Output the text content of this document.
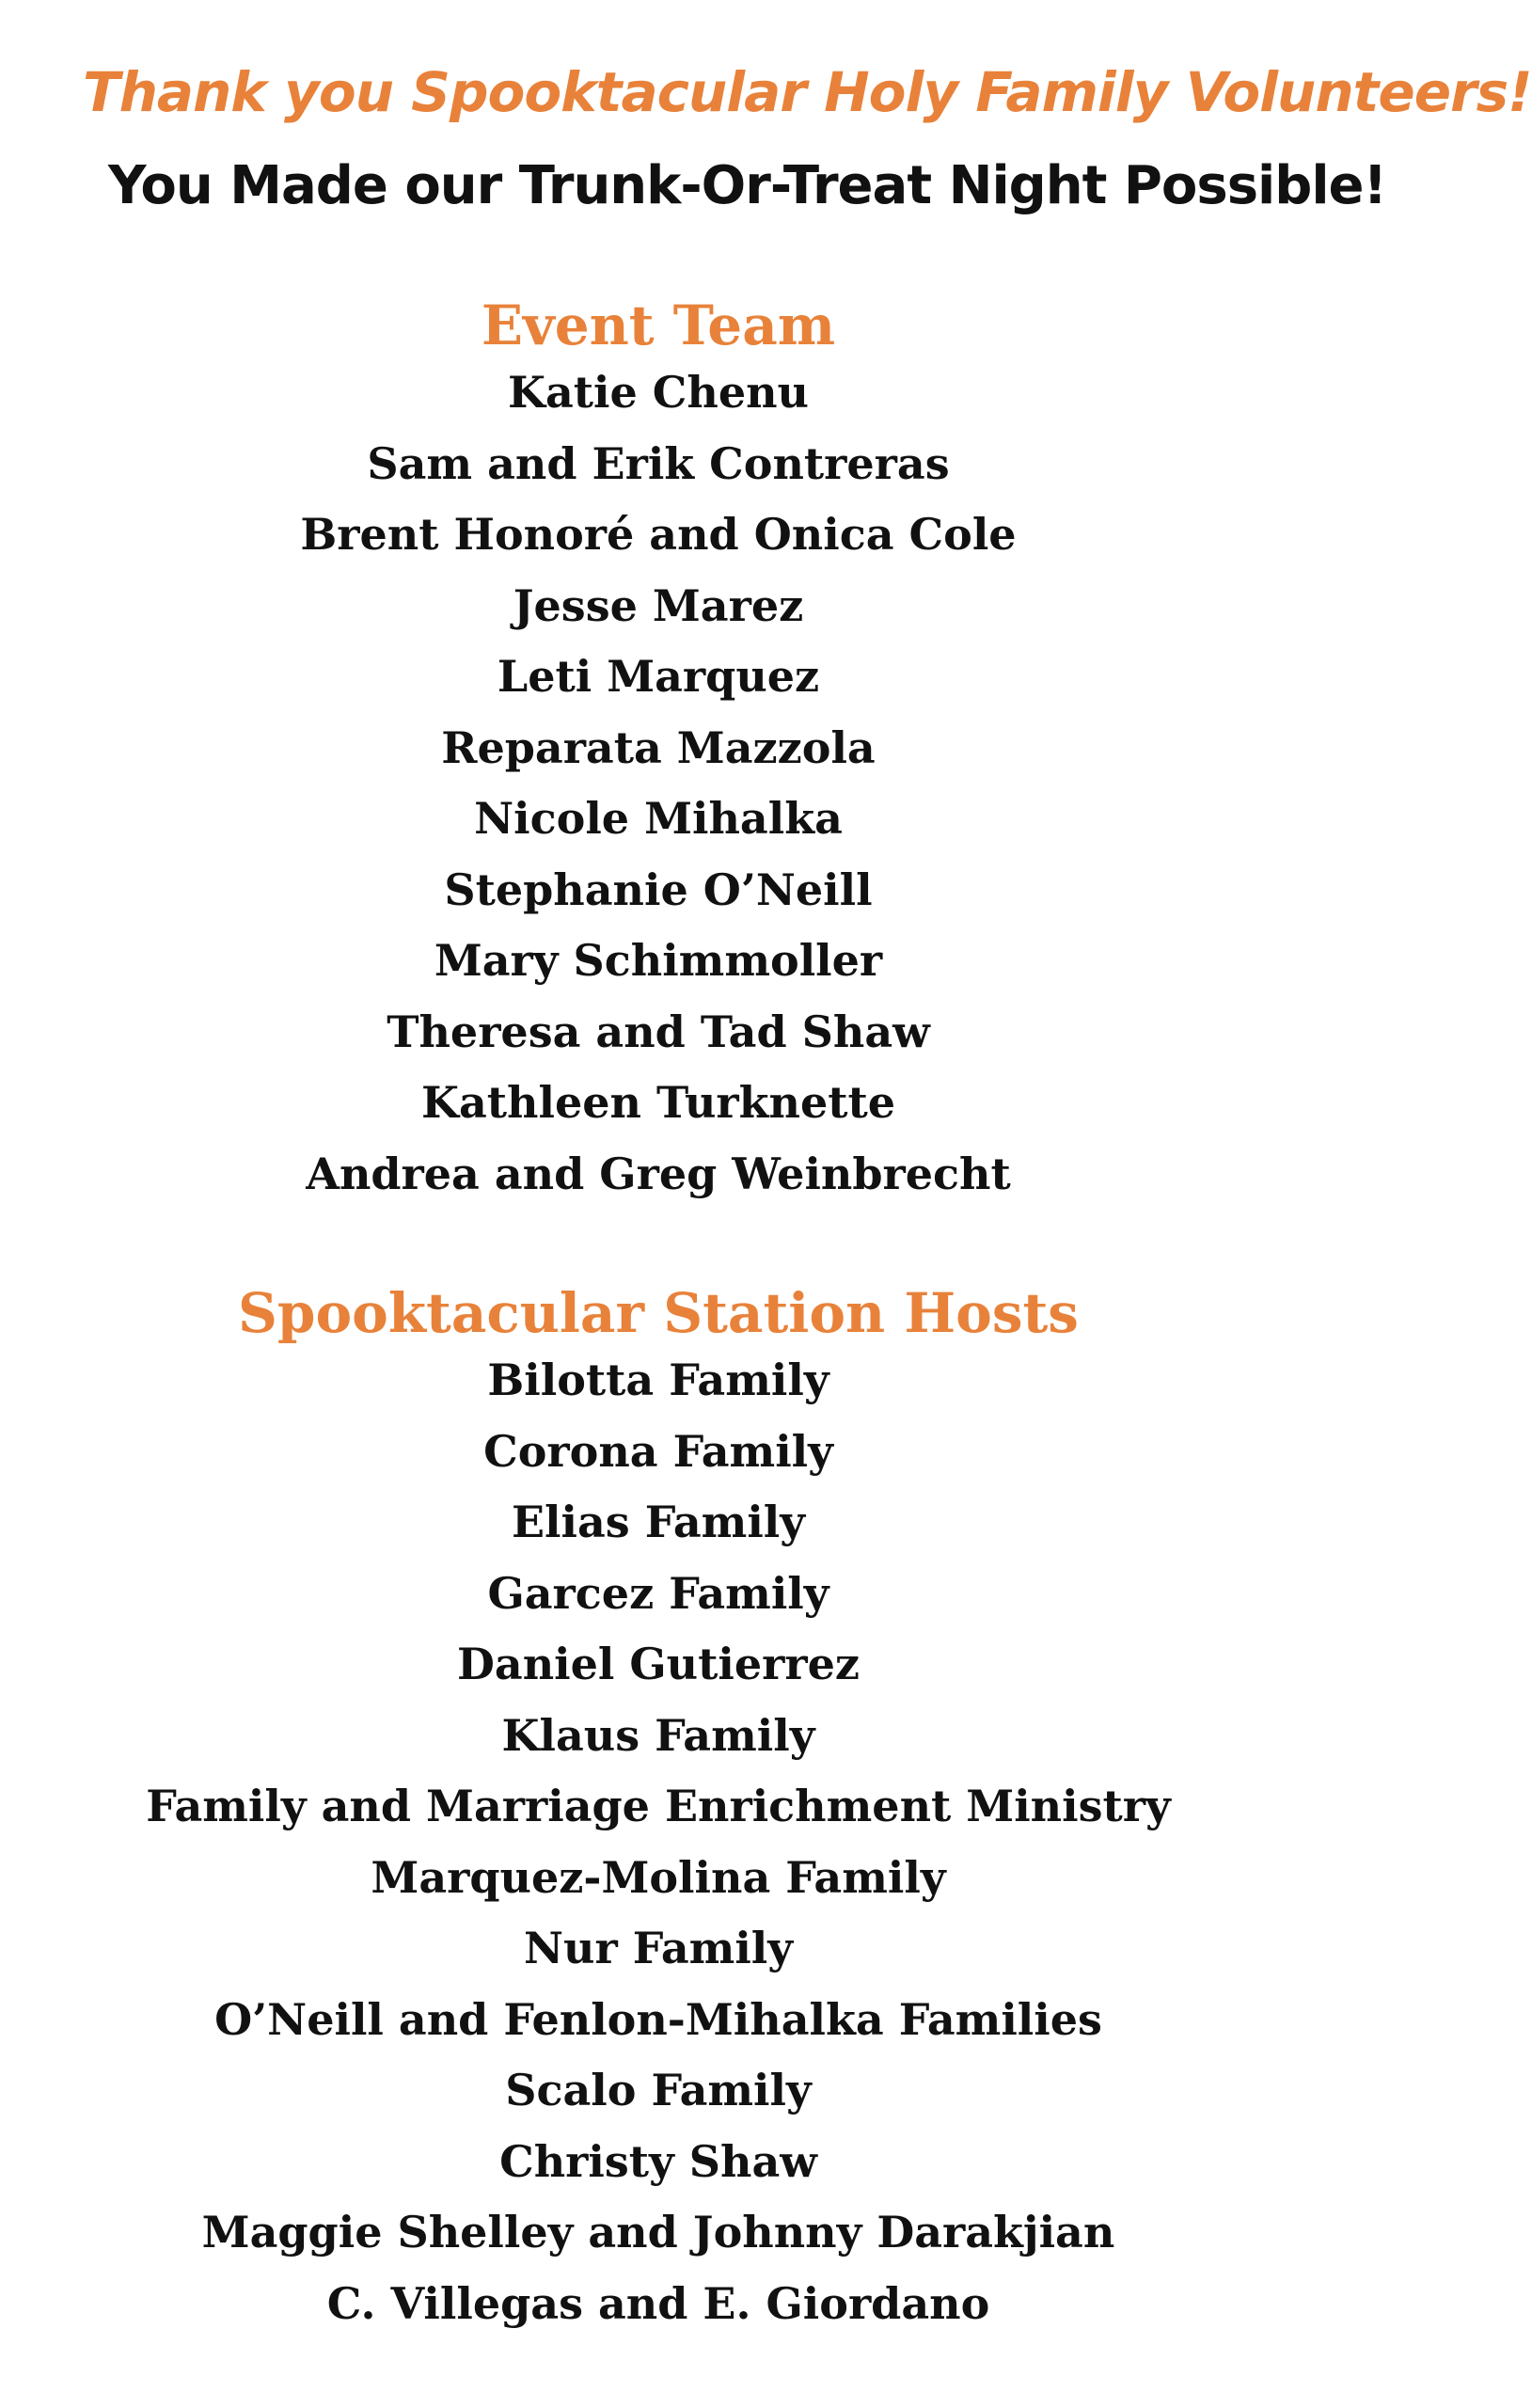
Thank you Spooktacular Holy Family Volunteers!
You Made our Trunk-Or-Treat Night Possible!
Event Team
Katie Chenu
Sam and Erik Contreras
Brent Honoré and Onica Cole
Jesse Marez
Leti Marquez
Reparata Mazzola
Nicole Mihalka
Stephanie O’Neill
Mary Schimmoller
Theresa and Tad Shaw
Kathleen Turknette
Andrea and Greg Weinbrecht
Spooktacular Station Hosts
Bilotta Family
Corona Family
Elias Family
Garcez Family
Daniel Gutierrez
Klaus Family
Family and Marriage Enrichment Ministry
Marquez-Molina Family
Nur Family
O’Neill and Fenlon-Mihalka Families
Scalo Family
Christy Shaw
Maggie Shelley and Johnny Darakjian
C. Villegas and E. Giordano
